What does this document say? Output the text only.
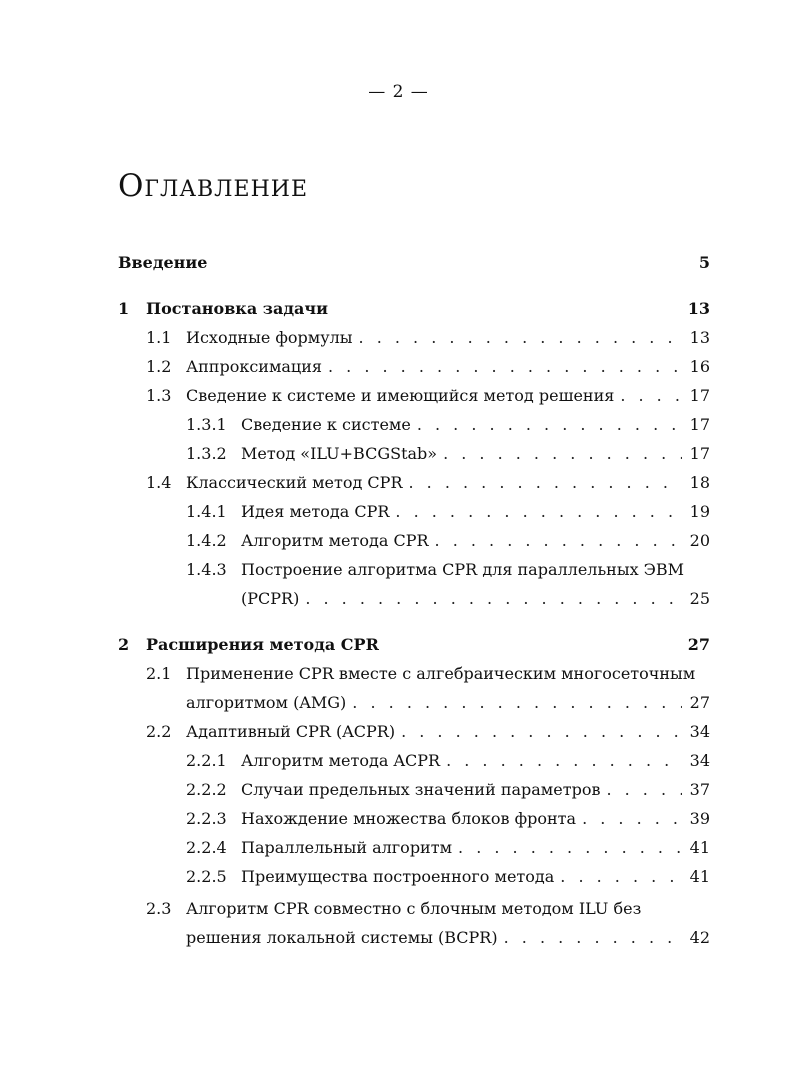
— 2 —
Оглавление
Введение	5
1	Постановка задачи	13
1.1 Исходные формулы . . .	13
1.2 Аппроксимация . . .	16
1.3 Сведение к системе и имеющийся метод решения . . .	17
1.3.1 Сведение к системе . . .	17
1.3.2 Метод «ILU+BCGStab» . . .	17
1.4 Классический метод CPR . . .	18
1.4.1 Идея метода CPR . . .	19
1.4.2 Алгоритм метода CPR . . .	20
1.4.3 Построение алгоритма CPR для параллельных ЭВМ
(PCPR) . . .	25
2	Расширения метода CPR	27
2.1 Применение CPR вместе с алгебраическим многосеточным
алгоритмом (AMG) . . .	27
2.2 Адаптивный CPR (ACPR) . . .	34
2.2.1 Алгоритм метода ACPR . . .	34
2.2.2 Случаи предельных значений параметров . . .	37
2.2.3 Нахождение множества блоков фронта . . .	39
2.2.4 Параллельный алгоритм . . .	41
2.2.5 Преимущества построенного метода . . .	41
2.3 Алгоритм CPR совместно с блочным методом ILU без
решения локальной системы (BCPR) . . .	42
